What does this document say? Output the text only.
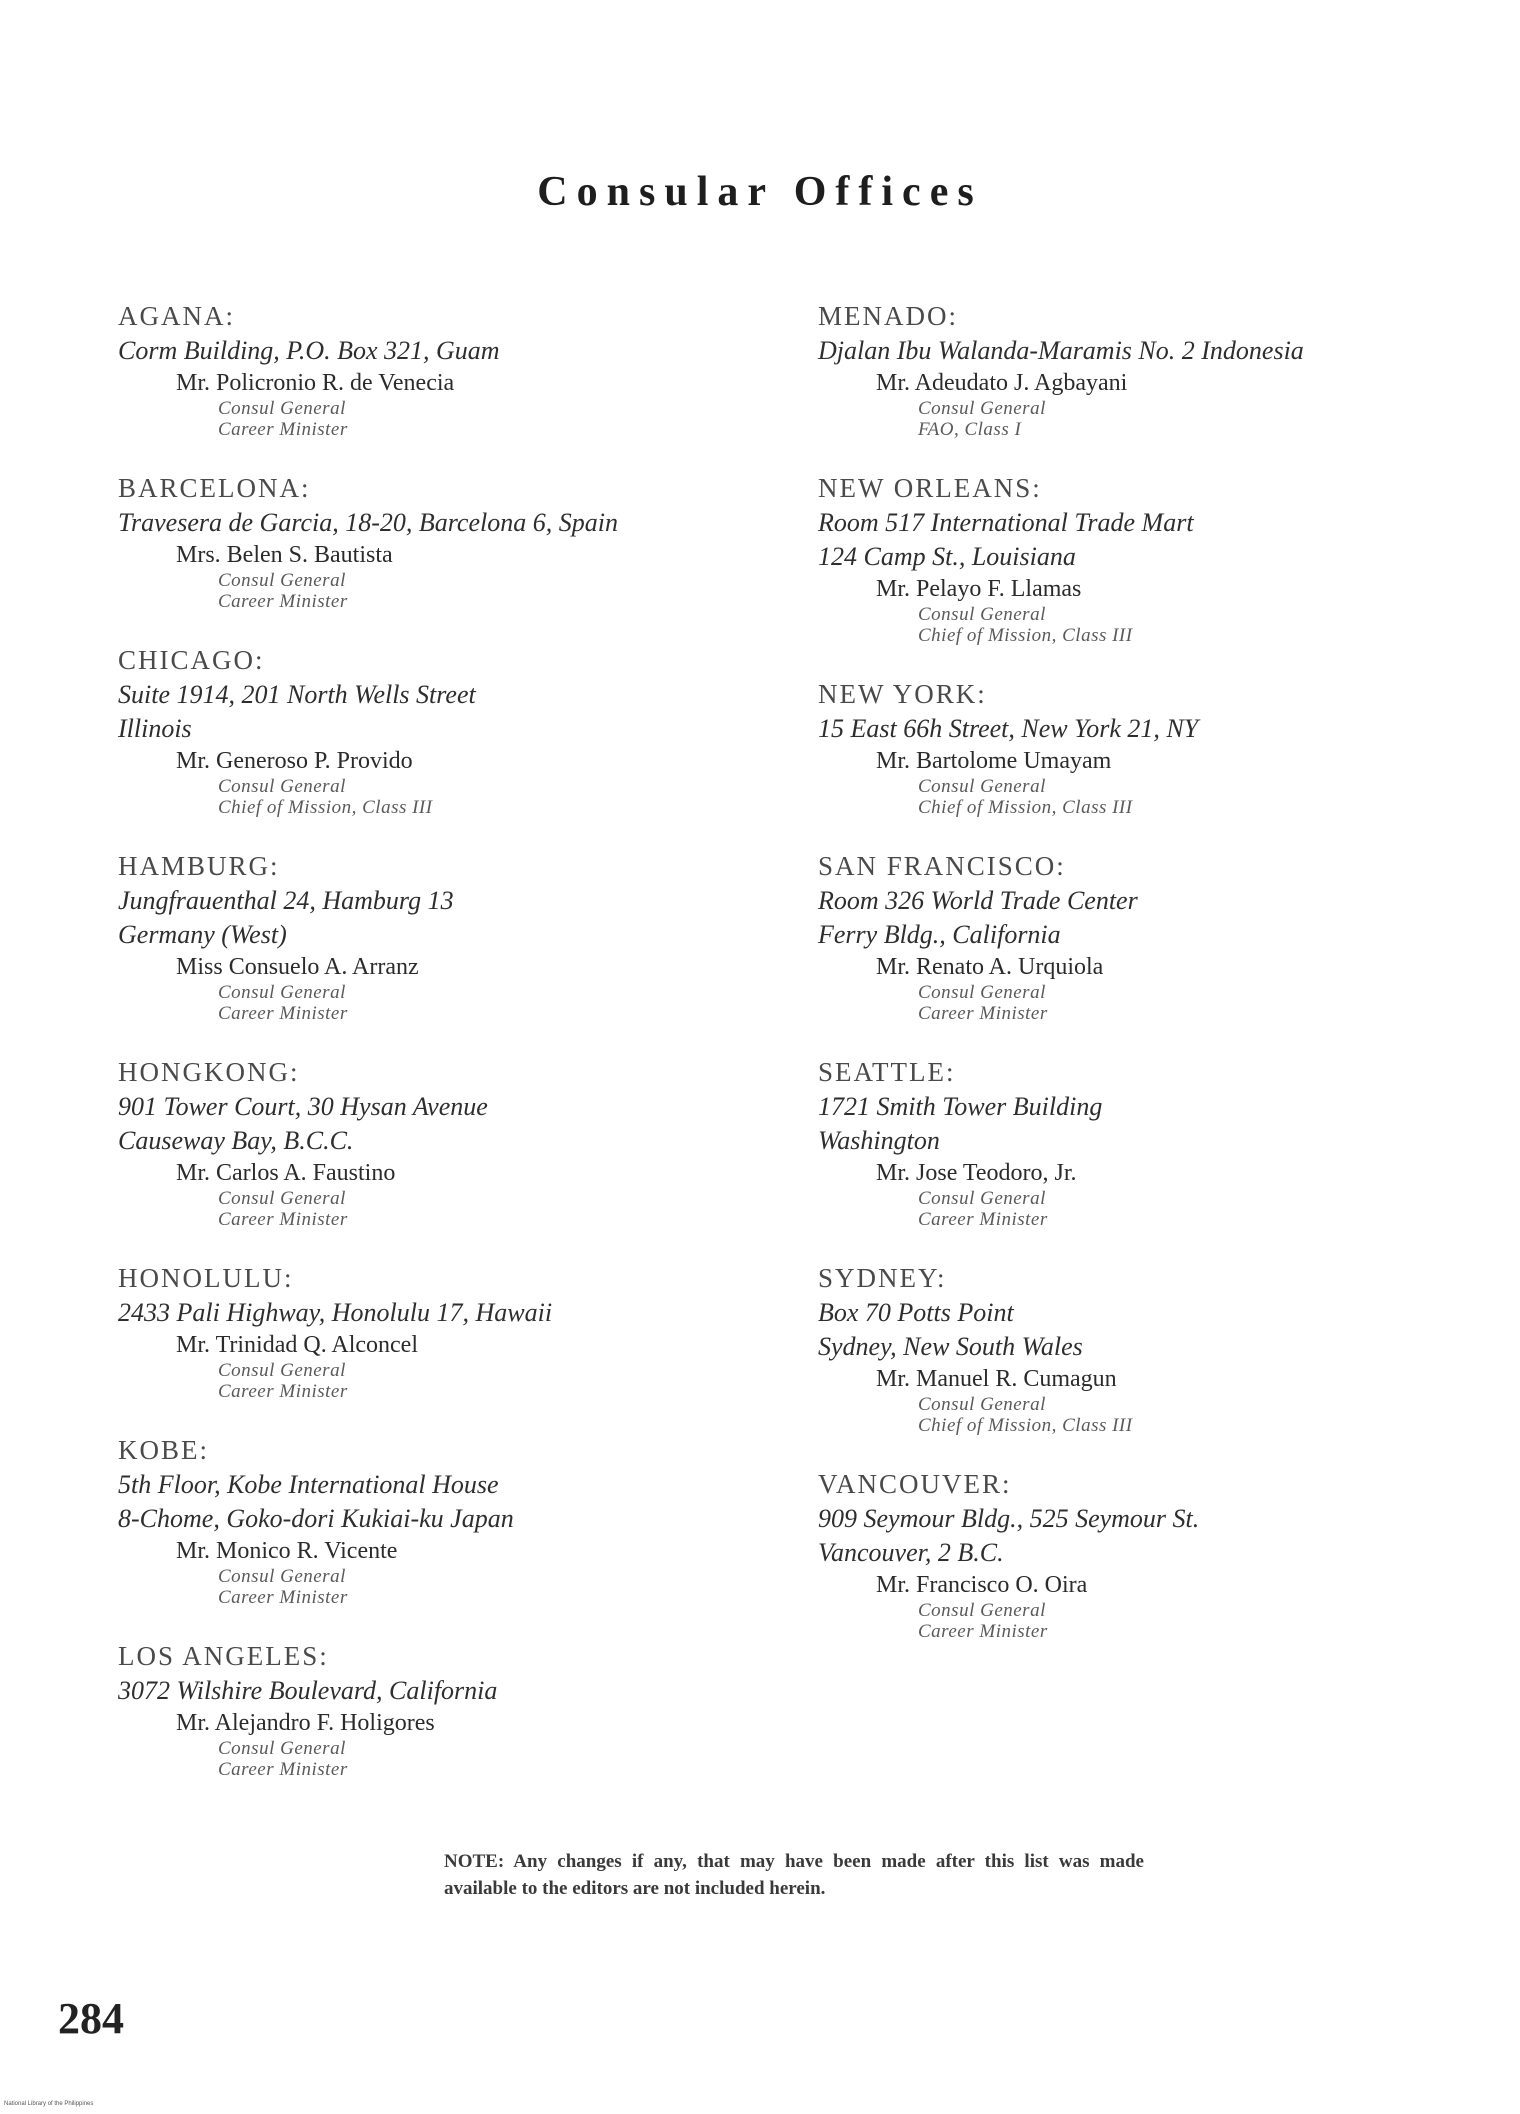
Consular Offices
AGANA:
Corm Building, P.O. Box 321, Guam
Mr. Policronio R. de Venecia
Consul General
Career Minister
BARCELONA:
Travesera de Garcia, 18-20, Barcelona 6, Spain
Mrs. Belen S. Bautista
Consul General
Career Minister
CHICAGO:
Suite 1914, 201 North Wells Street
Illinois
Mr. Generoso P. Provido
Consul General
Chief of Mission, Class III
HAMBURG:
Jungfrauenthal 24, Hamburg 13
Germany (West)
Miss Consuelo A. Arranz
Consul General
Career Minister
HONGKONG:
901 Tower Court, 30 Hysan Avenue
Causeway Bay, B.C.C.
Mr. Carlos A. Faustino
Consul General
Career Minister
HONOLULU:
2433 Pali Highway, Honolulu 17, Hawaii
Mr. Trinidad Q. Alconcel
Consul General
Career Minister
KOBE:
5th Floor, Kobe International House
8-Chome, Goko-dori Kukiai-ku Japan
Mr. Monico R. Vicente
Consul General
Career Minister
LOS ANGELES:
3072 Wilshire Boulevard, California
Mr. Alejandro F. Holigores
Consul General
Career Minister
MENADO:
Djalan Ibu Walanda-Maramis No. 2 Indonesia
Mr. Adeudato J. Agbayani
Consul General
FAO, Class I
NEW ORLEANS:
Room 517 International Trade Mart
124 Camp St., Louisiana
Mr. Pelayo F. Llamas
Consul General
Chief of Mission, Class III
NEW YORK:
15 East 66h Street, New York 21, NY
Mr. Bartolome Umayam
Consul General
Chief of Mission, Class III
SAN FRANCISCO:
Room 326 World Trade Center
Ferry Bldg., California
Mr. Renato A. Urquiola
Consul General
Career Minister
SEATTLE:
1721 Smith Tower Building
Washington
Mr. Jose Teodoro, Jr.
Consul General
Career Minister
SYDNEY:
Box 70 Potts Point
Sydney, New South Wales
Mr. Manuel R. Cumagun
Consul General
Chief of Mission, Class III
VANCOUVER:
909 Seymour Bldg., 525 Seymour St.
Vancouver, 2 B.C.
Mr. Francisco O. Oira
Consul General
Career Minister
NOTE: Any changes if any, that may have been made after this list was made available to the editors are not included herein.
284
National Library of the Philippines
